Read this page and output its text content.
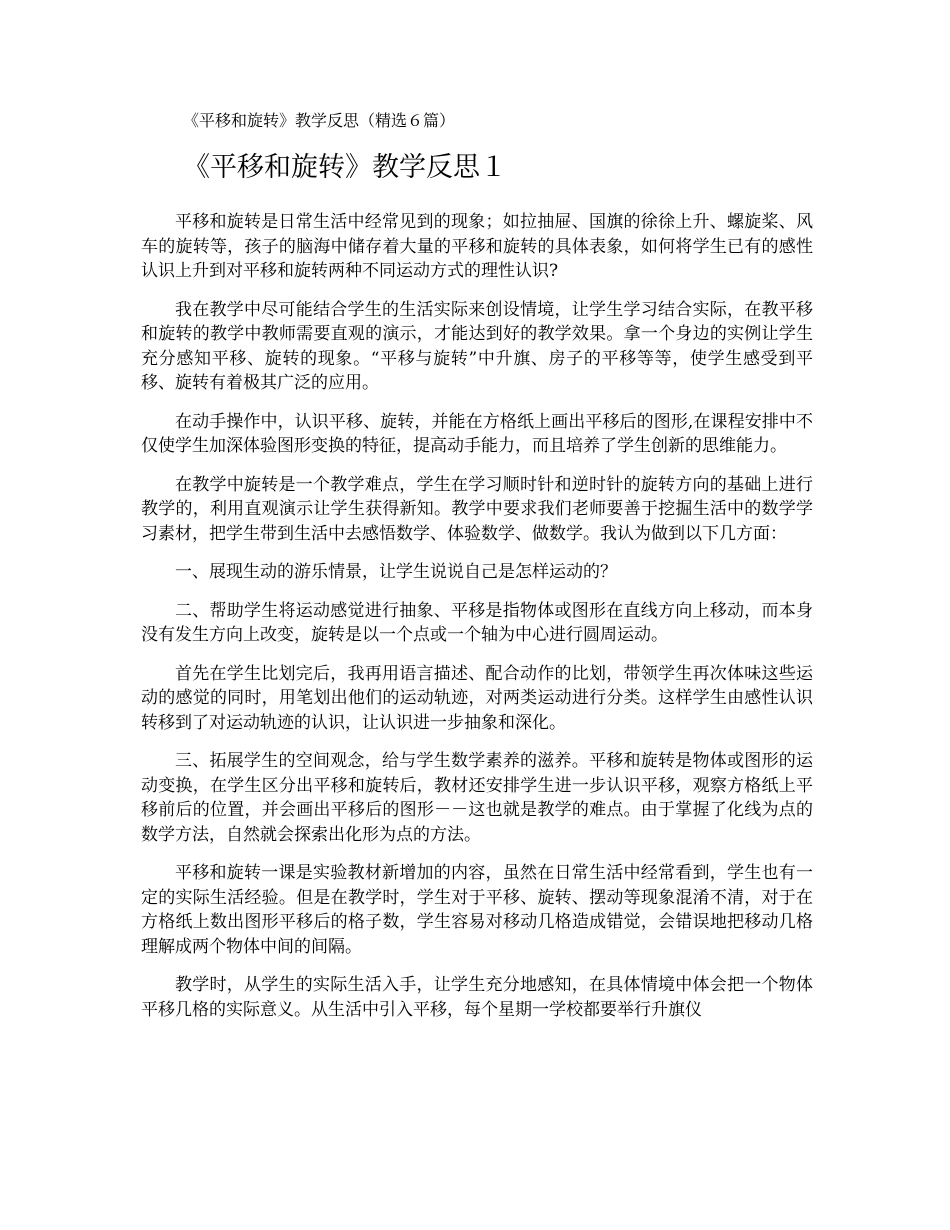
《平移和旋转》教学反思（精选６篇）
《平移和旋转》教学反思１

平移和旋转是日常生活中经常见到的现象；如拉抽屉、国旗的徐徐上升、螺旋桨、风车的旋转等，孩子的脑海中储存着大量的平移和旋转的具体表象，如何将学生已有的感性认识上升到对平移和旋转两种不同运动方式的理性认识?

我在教学中尽可能结合学生的生活实际来创设情境，让学生学习结合实际，在教平移和旋转的教学中教师需要直观的演示，才能达到好的教学效果。拿一个身边的实例让学生充分感知平移、旋转的现象。“平移与旋转”中升旗、房子的平移等等，使学生感受到平移、旋转有着极其广泛的应用。

在动手操作中，认识平移、旋转，并能在方格纸上画出平移后的图形,在课程安排中不仅使学生加深体验图形变换的特征，提高动手能力，而且培养了学生创新的思维能力。

在教学中旋转是一个教学难点，学生在学习顺时针和逆时针的旋转方向的基础上进行教学的，利用直观演示让学生获得新知。教学中要求我们老师要善于挖掘生活中的数学学习素材，把学生带到生活中去感悟数学、体验数学、做数学。我认为做到以下几方面：

一、展现生动的游乐情景，让学生说说自己是怎样运动的？

二、帮助学生将运动感觉进行抽象、平移是指物体或图形在直线方向上移动，而本身没有发生方向上改变，旋转是以一个点或一个轴为中心进行圆周运动。

首先在学生比划完后，我再用语言描述、配合动作的比划，带领学生再次体味这些运动的感觉的同时，用笔划出他们的运动轨迹，对两类运动进行分类。这样学生由感性认识转移到了对运动轨迹的认识，让认识进一步抽象和深化。

三、拓展学生的空间观念，给与学生数学素养的滋养。平移和旋转是物体或图形的运动变换，在学生区分出平移和旋转后，教材还安排学生进一步认识平移，观察方格纸上平移前后的位置，并会画出平移后的图形－－这也就是教学的难点。由于掌握了化线为点的数学方法，自然就会探索出化形为点的方法。

平移和旋转一课是实验教材新增加的内容，虽然在日常生活中经常看到，学生也有一定的实际生活经验。但是在教学时，学生对于平移、旋转、摆动等现象混淆不清，对于在方格纸上数出图形平移后的格子数，学生容易对移动几格造成错觉，会错误地把移动几格理解成两个物体中间的间隔。

教学时，从学生的实际生活入手，让学生充分地感知，在具体情境中体会把一个物体平移几格的实际意义。从生活中引入平移，每个星期一学校都要举行升旗仪
